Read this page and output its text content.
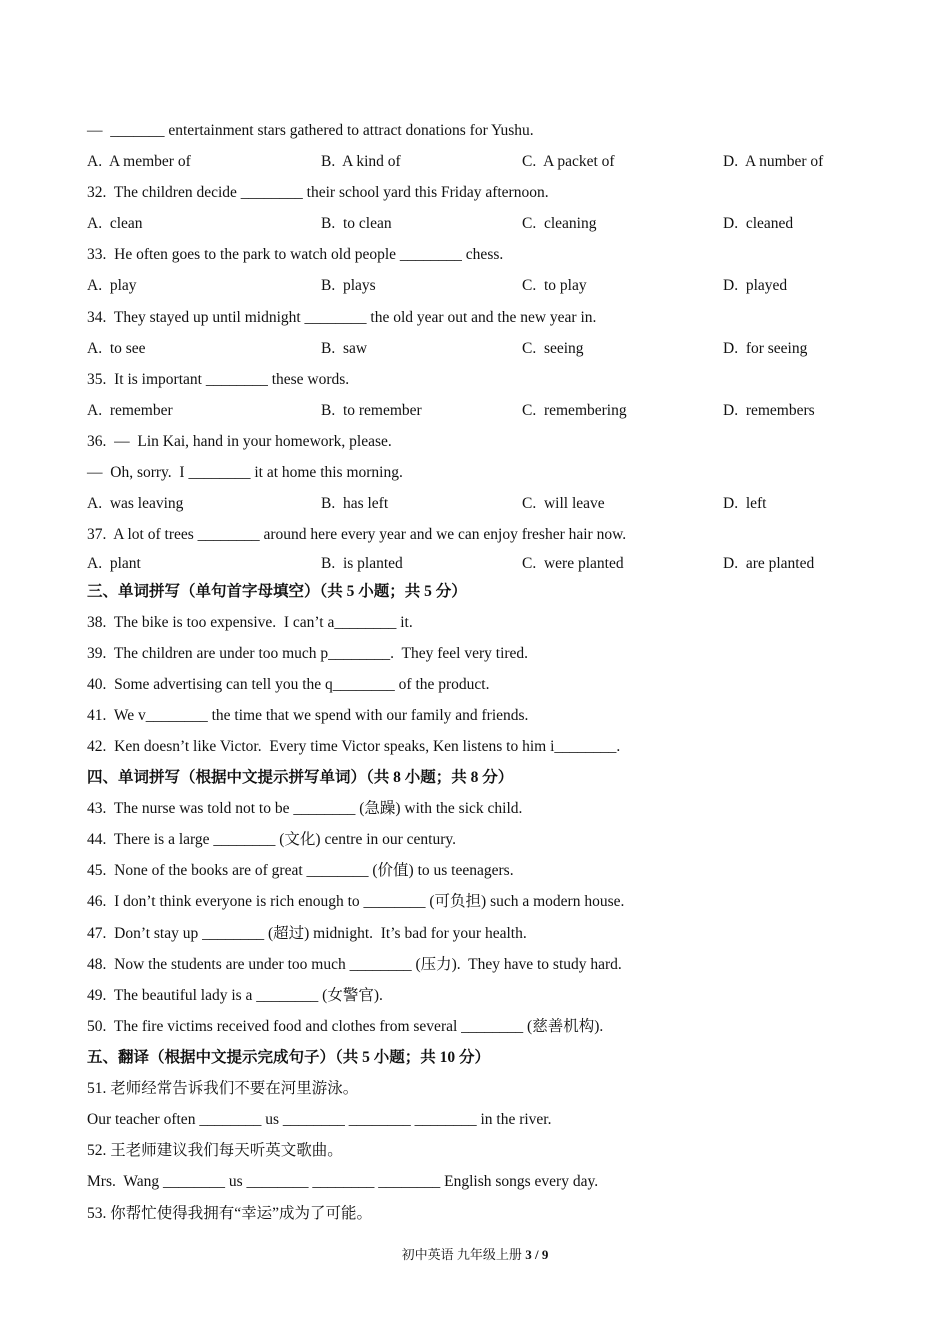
—  _______ entertainment stars gathered to attract donations for Yushu.
A.  A member of	B.  A kind of	C.  A packet of	D.  A number of
32.  The children decide ________ their school yard this Friday afternoon.
A.  clean	B.  to clean	C.  cleaning	D.  cleaned
33.  He often goes to the park to watch old people ________ chess.
A.  play	B.  plays	C.  to play	D.  played
34.  They stayed up until midnight ________ the old year out and the new year in.
A.  to see	B.  saw	C.  seeing	D.  for seeing
35.  It is important ________ these words.
A.  remember	B.  to remember	C.  remembering	D.  remembers
36.  —  Lin Kai, hand in your homework, please.
—  Oh, sorry.  I ________ it at home this morning.
A.  was leaving	B.  has left	C.  will leave	D.  left
37.  A lot of trees ________ around here every year and we can enjoy fresher hair now.
A.  plant	B.  is planted	C.  were planted	D.  are planted
三、单词拼写（单句首字母填空）（共 5 小题；共 5 分）
38.  The bike is too expensive.  I can’t a________ it.
39.  The children are under too much p________.  They feel very tired.
40.  Some advertising can tell you the q________ of the product.
41.  We v________ the time that we spend with our family and friends.
42.  Ken doesn’t like Victor.  Every time Victor speaks, Ken listens to him i________.
四、单词拼写（根据中文提示拼写单词）（共 8 小题；共 8 分）
43.  The nurse was told not to be ________ (急躁) with the sick child.
44.  There is a large ________ (文化) centre in our century.
45.  None of the books are of great ________ (价值) to us teenagers.
46.  I don’t think everyone is rich enough to ________ (可负担) such a modern house.
47.  Don’t stay up ________ (超过) midnight.  It’s bad for your health.
48.  Now the students are under too much ________ (压力).  They have to study hard.
49.  The beautiful lady is a ________ (女警官).
50.  The fire victims received food and clothes from several ________ (慈善机构).
五、翻译（根据中文提示完成句子）（共 5 小题；共 10 分）
51. 老师经常告诉我们不要在河里游泳。
Our teacher often ________ us ________ ________ ________ in the river.
52. 王老师建议我们每天听英文歌曲。
Mrs.  Wang ________ us ________ ________ ________ English songs every day.
53. 你帮忙使得我拥有“幸运”成为了可能。
初中英语 九年级上册 3 / 9
